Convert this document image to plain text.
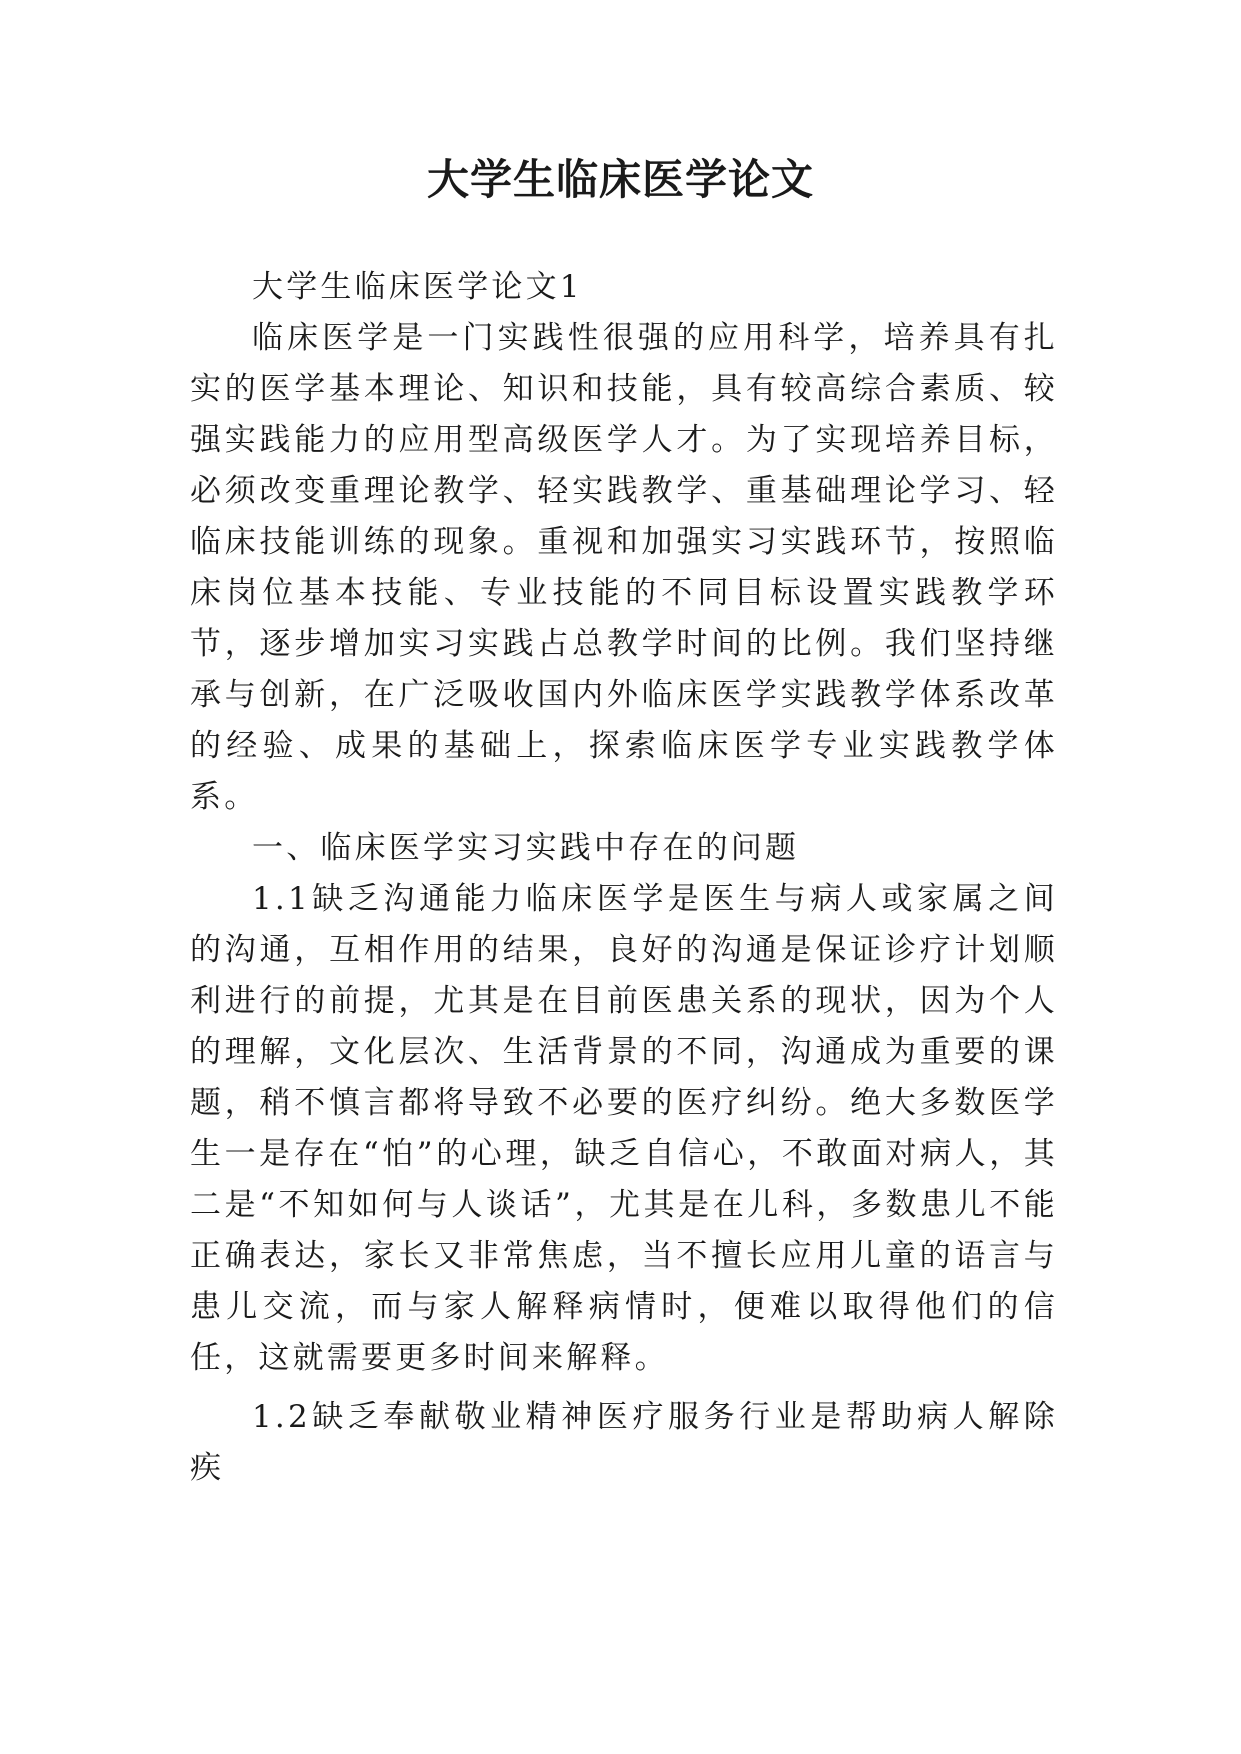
大学生临床医学论文

大学生临床医学论文1

临床医学是一门实践性很强的应用科学，培养具有扎实的医学基本理论、知识和技能，具有较高综合素质、较强实践能力的应用型高级医学人才。为了实现培养目标，必须改变重理论教学、轻实践教学、重基础理论学习、轻临床技能训练的现象。重视和加强实习实践环节，按照临床岗位基本技能、专业技能的不同目标设置实践教学环节，逐步增加实习实践占总教学时间的比例。我们坚持继承与创新，在广泛吸收国内外临床医学实践教学体系改革的经验、成果的基础上，探索临床医学专业实践教学体系。

一、临床医学实习实践中存在的问题

1.1缺乏沟通能力临床医学是医生与病人或家属之间的沟通，互相作用的结果，良好的沟通是保证诊疗计划顺利进行的前提，尤其是在目前医患关系的现状，因为个人的理解，文化层次、生活背景的不同，沟通成为重要的课题，稍不慎言都将导致不必要的医疗纠纷。绝大多数医学生一是存在“怕”的心理，缺乏自信心，不敢面对病人，其二是“不知如何与人谈话”，尤其是在儿科，多数患儿不能正确表达，家长又非常焦虑，当不擅长应用儿童的语言与患儿交流，而与家人解释病情时，便难以取得他们的信任，这就需要更多时间来解释。

1.2缺乏奉献敬业精神医疗服务行业是帮助病人解除疾
